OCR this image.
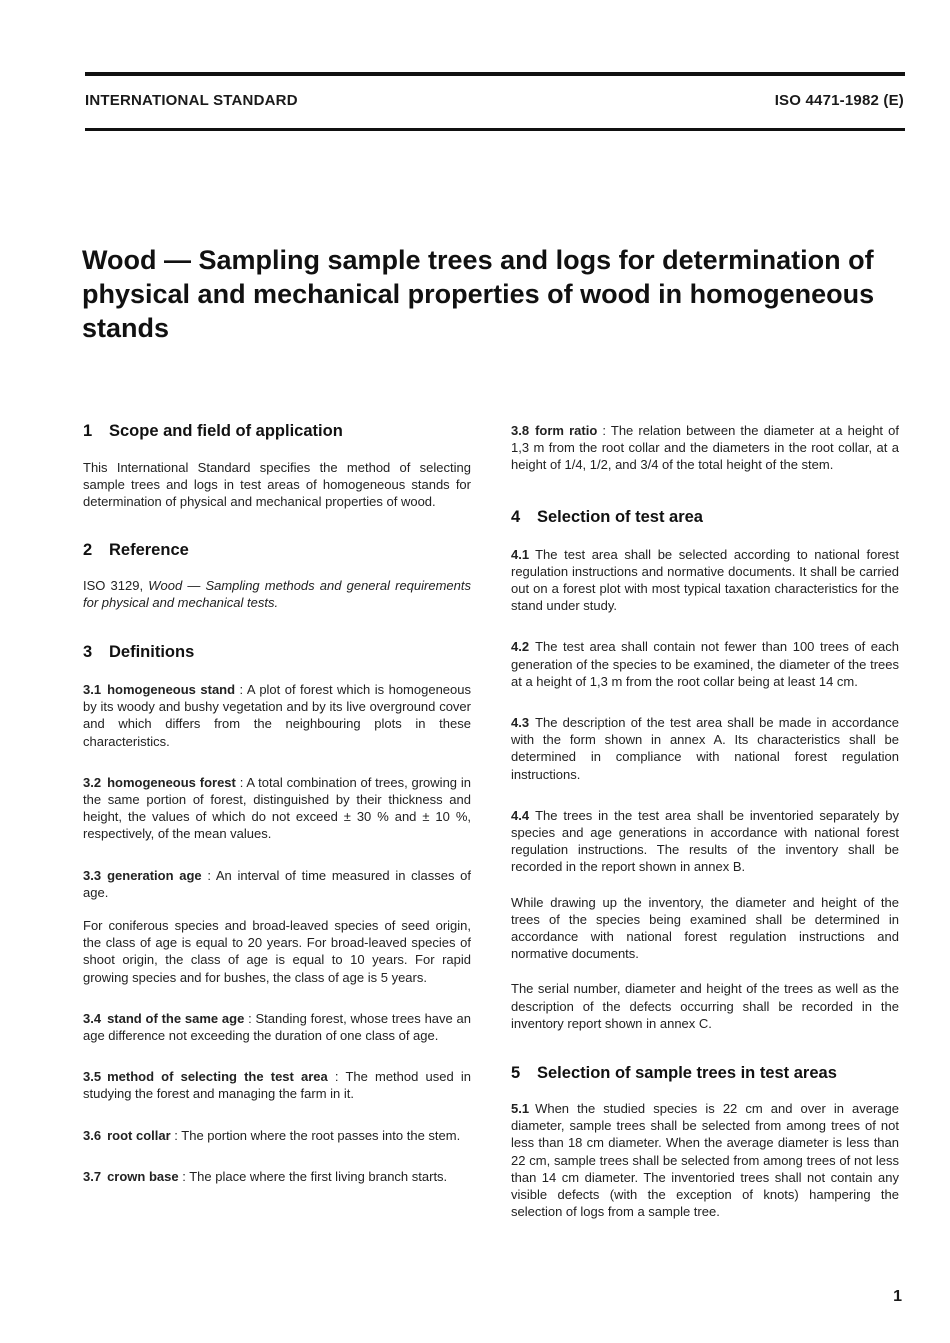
INTERNATIONAL STANDARD	ISO 4471-1982 (E)
Wood — Sampling sample trees and logs for determination of physical and mechanical properties of wood in homogeneous stands
1 Scope and field of application

This International Standard specifies the method of selecting sample trees and logs in test areas of homogeneous stands for determination of physical and mechanical properties of wood.

2 Reference

ISO 3129, Wood — Sampling methods and general requirements for physical and mechanical tests.

3 Definitions

3.1 homogeneous stand : A plot of forest which is homogeneous by its woody and bushy vegetation and by its live overground cover and which differs from the neighbouring plots in these characteristics.

3.2 homogeneous forest : A total combination of trees, growing in the same portion of forest, distinguished by their thickness and height, the values of which do not exceed ± 30 % and ± 10 %, respectively, of the mean values.

3.3 generation age : An interval of time measured in classes of age.

For coniferous species and broad-leaved species of seed origin, the class of age is equal to 20 years. For broad-leaved species of shoot origin, the class of age is equal to 10 years. For rapid growing species and for bushes, the class of age is 5 years.

3.4 stand of the same age : Standing forest, whose trees have an age difference not exceeding the duration of one class of age.

3.5 method of selecting the test area : The method used in studying the forest and managing the farm in it.

3.6 root collar : The portion where the root passes into the stem.

3.7 crown base : The place where the first living branch starts.

3.8 form ratio : The relation between the diameter at a height of 1,3 m from the root collar and the diameters in the root collar, at a height of 1/4, 1/2, and 3/4 of the total height of the stem.

4 Selection of test area

4.1 The test area shall be selected according to national forest regulation instructions and normative documents. It shall be carried out on a forest plot with most typical taxation characteristics for the stand under study.

4.2 The test area shall contain not fewer than 100 trees of each generation of the species to be examined, the diameter of the trees at a height of 1,3 m from the root collar being at least 14 cm.

4.3 The description of the test area shall be made in accordance with the form shown in annex A. Its characteristics shall be determined in compliance with national forest regulation instructions.

4.4 The trees in the test area shall be inventoried separately by species and age generations in accordance with national forest regulation instructions. The results of the inventory shall be recorded in the report shown in annex B.

While drawing up the inventory, the diameter and height of the trees of the species being examined shall be determined in accordance with national forest regulation instructions and normative documents.

The serial number, diameter and height of the trees as well as the description of the defects occurring shall be recorded in the inventory report shown in annex C.

5 Selection of sample trees in test areas

5.1 When the studied species is 22 cm and over in average diameter, sample trees shall be selected from among trees of not less than 18 cm diameter. When the average diameter is less than 22 cm, sample trees shall be selected from among trees of not less than 14 cm diameter. The inventoried trees shall not contain any visible defects (with the exception of knots) hampering the selection of logs from a sample tree.

1
